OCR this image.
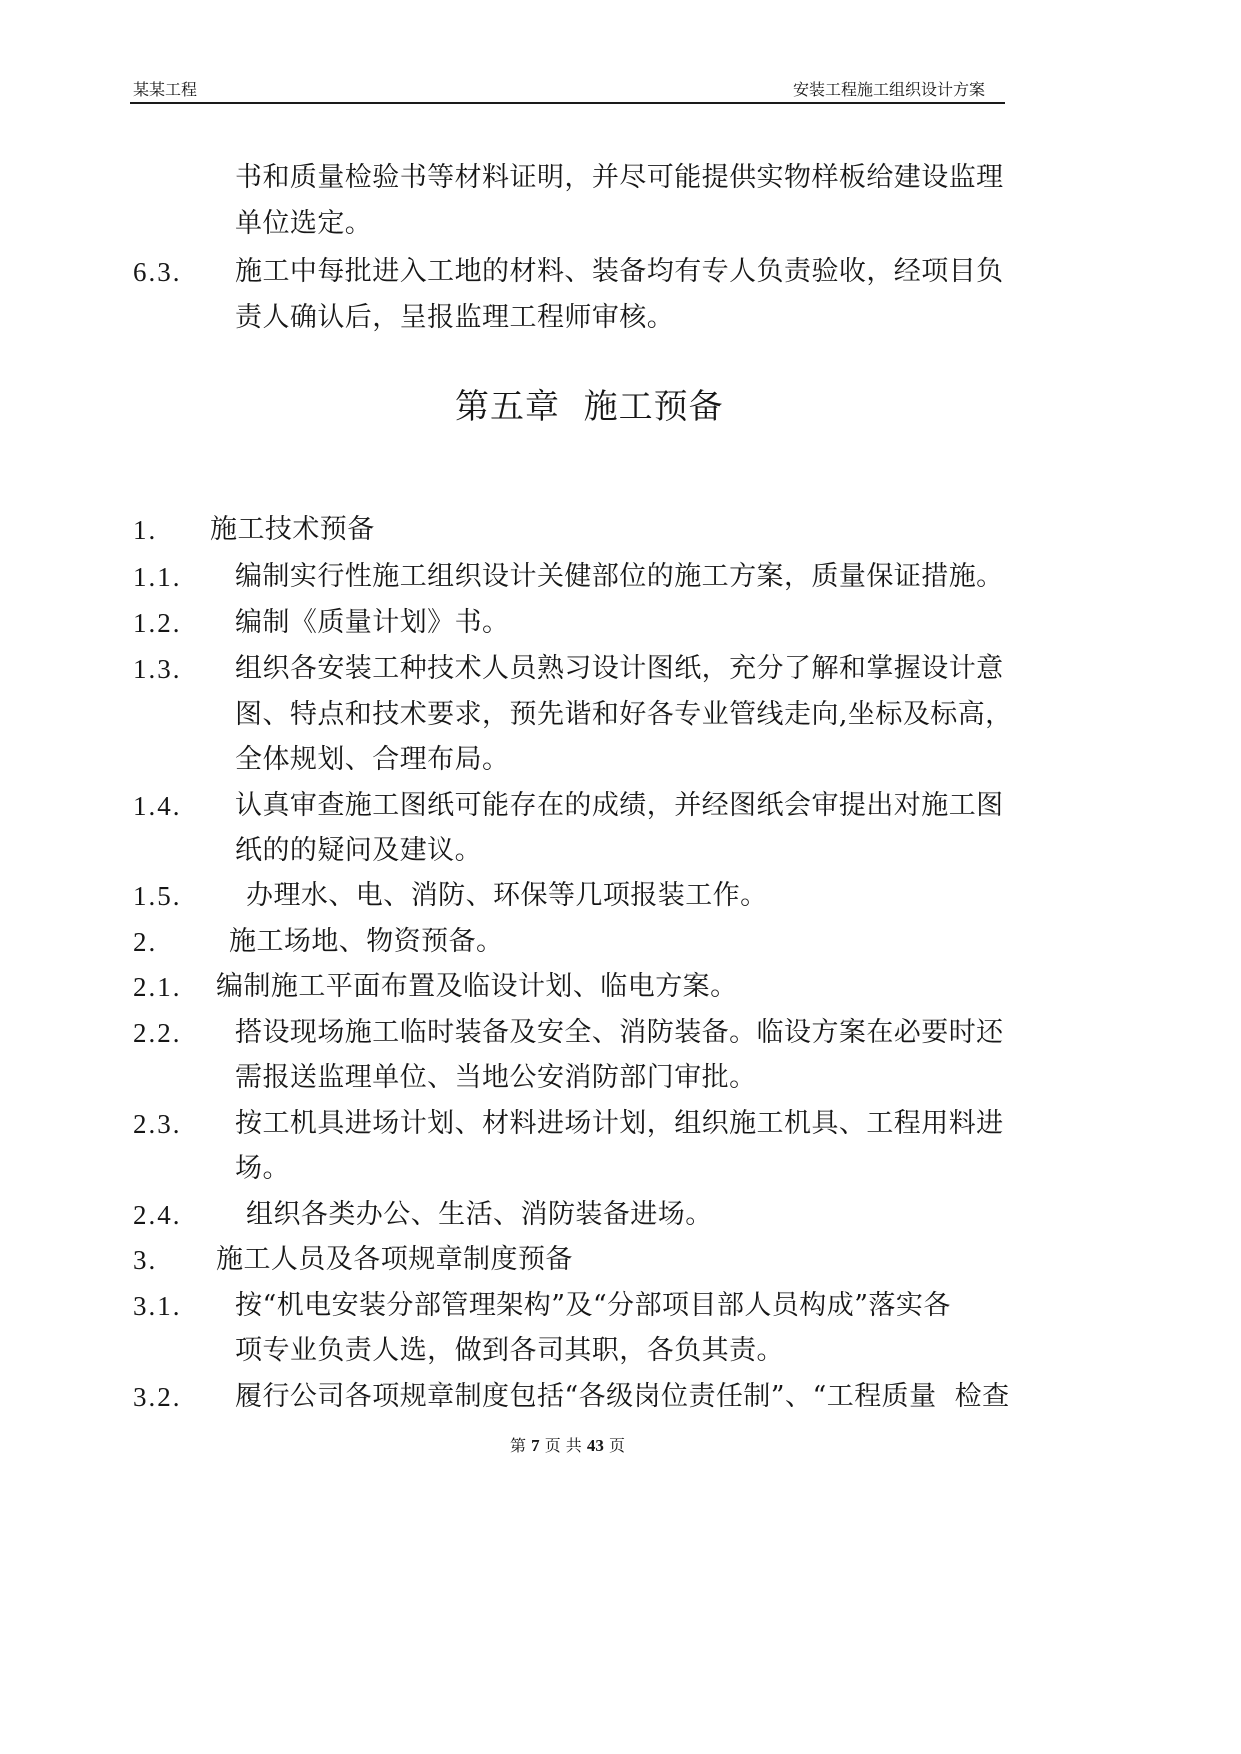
某某工程	安装工程施工组织设计方案
书和质量检验书等材料证明，并尽可能提供实物样板给建设监理
单位选定。
6.3. 施工中每批进入工地的材料、装备均有专人负责验收，经项目负
责人确认后，呈报监理工程师审核。
第五章  施工预备
1. 施工技术预备
1.1. 编制实行性施工组织设计关健部位的施工方案，质量保证措施。
1.2. 编制《质量计划》书。
1.3. 组织各安装工种技术人员熟习设计图纸，充分了解和掌握设计意
图、特点和技术要求，预先谐和好各专业管线走向,坐标及标高，
全体规划、合理布局。
1.4. 认真审查施工图纸可能存在的成绩，并经图纸会审提出对施工图
纸的的疑问及建议。
1.5. 办理水、电、消防、环保等几项报装工作。
2.	施工场地、物资预备。
2.1. 编制施工平面布置及临设计划、临电方案。
2.2. 搭设现场施工临时装备及安全、消防装备。临设方案在必要时还
需报送监理单位、当地公安消防部门审批。
2.3. 按工机具进场计划、材料进场计划，组织施工机具、工程用料进
场。
2.4. 组织各类办公、生活、消防装备进场。
3. 施工人员及各项规章制度预备
3.1. 按“机电安装分部管理架构”及“分部项目部人员构成”落实各
项专业负责人选，做到各司其职，各负其责。
3.2. 履行公司各项规章制度包括“各级岗位责任制”、“工程质量  检查
第 7 页 共 43 页
